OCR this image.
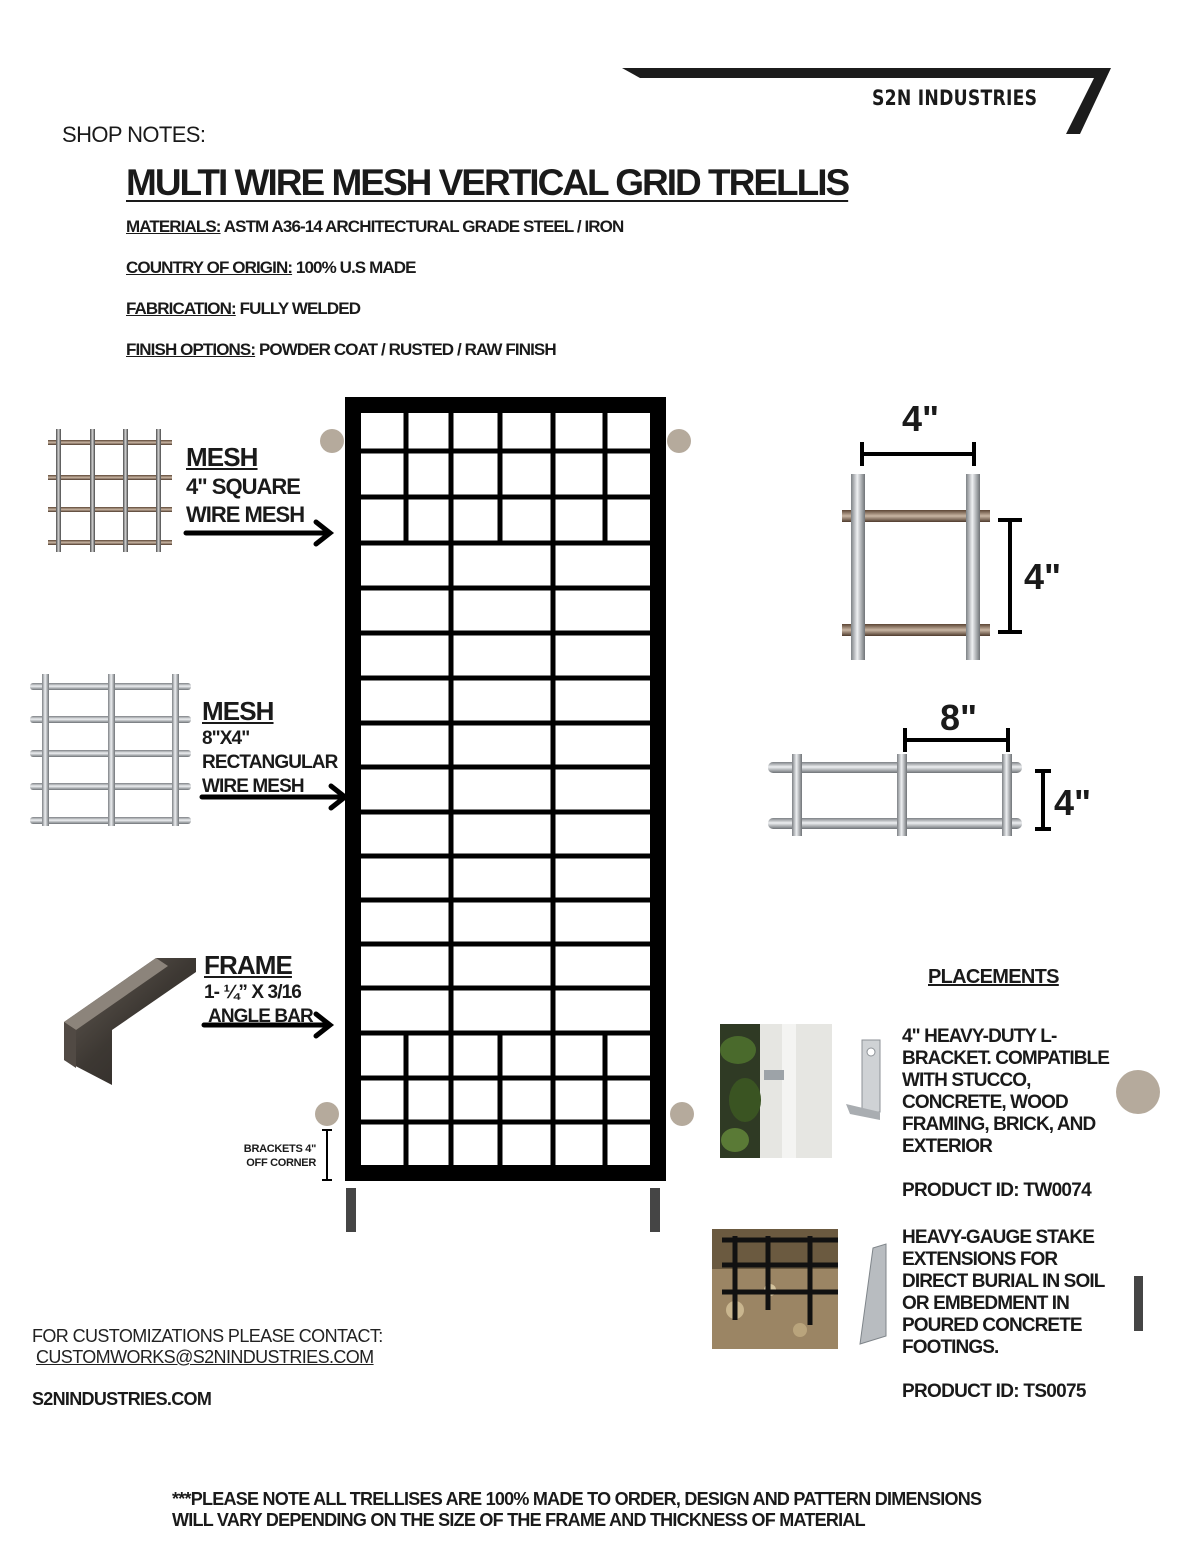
S2N INDUSTRIES
SHOP NOTES:
MULTI WIRE MESH VERTICAL GRID TRELLIS
MATERIALS: ASTM A36-14 ARCHITECTURAL GRADE STEEL / IRON
COUNTRY OF ORIGIN: 100% U.S MADE
FABRICATION: FULLY WELDED
FINISH OPTIONS: POWDER COAT / RUSTED / RAW FINISH
MESH
4" SQUARE
WIRE MESH
MESH
8"X4"
RECTANGULAR
WIRE MESH
FRAME
1- ¼” X 3/16
ANGLE BAR
BRACKETS 4"
OFF CORNER
4"
4"
8"
4"
PLACEMENTS
4" HEAVY-DUTY L-BRACKET. COMPATIBLE WITH STUCCO, CONCRETE, WOOD FRAMING, BRICK, AND EXTERIOR
PRODUCT ID: TW0074
HEAVY-GAUGE STAKE EXTENSIONS FOR DIRECT BURIAL IN SOIL OR EMBEDMENT IN POURED CONCRETE FOOTINGS.
PRODUCT ID: TS0075
FOR CUSTOMIZATIONS PLEASE CONTACT:
CUSTOMWORKS@S2NINDUSTRIES.COM
S2NINDUSTRIES.COM
***PLEASE NOTE ALL TRELLISES ARE 100% MADE TO ORDER, DESIGN AND PATTERN DIMENSIONS
WILL VARY DEPENDING ON THE SIZE OF THE FRAME AND THICKNESS OF MATERIAL
